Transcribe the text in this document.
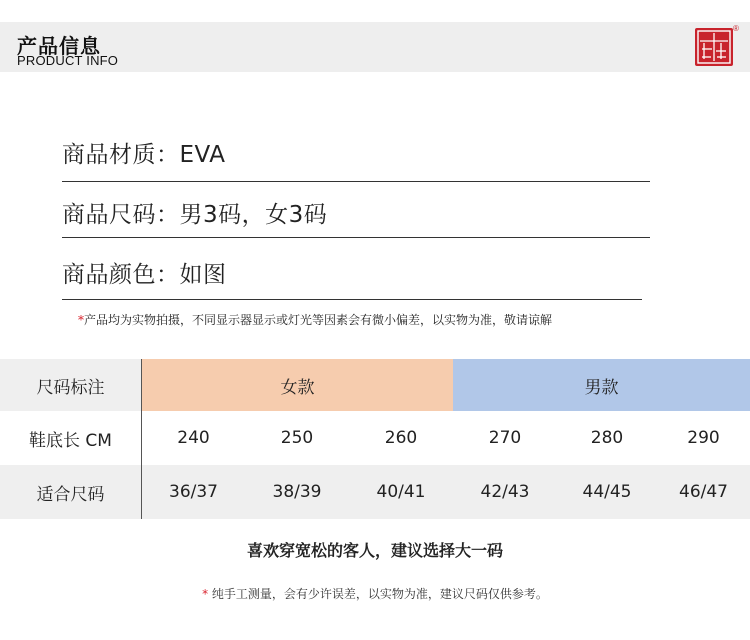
产品信息
PRODUCT INFO
®
商品材质：EVA
商品尺码：男3码，女3码
商品颜色：如图
*产品均为实物拍摄，不同显示器显示或灯光等因素会有微小偏差，以实物为准，敬请谅解
尺码标注	女款	男款
鞋底长 CM	240	250	260	270	280	290
适合尺码	36/37	38/39	40/41	42/43	44/45	46/47
喜欢穿宽松的客人，建议选择大一码
* 纯手工测量，会有少许误差，以实物为准，建议尺码仅供参考。
